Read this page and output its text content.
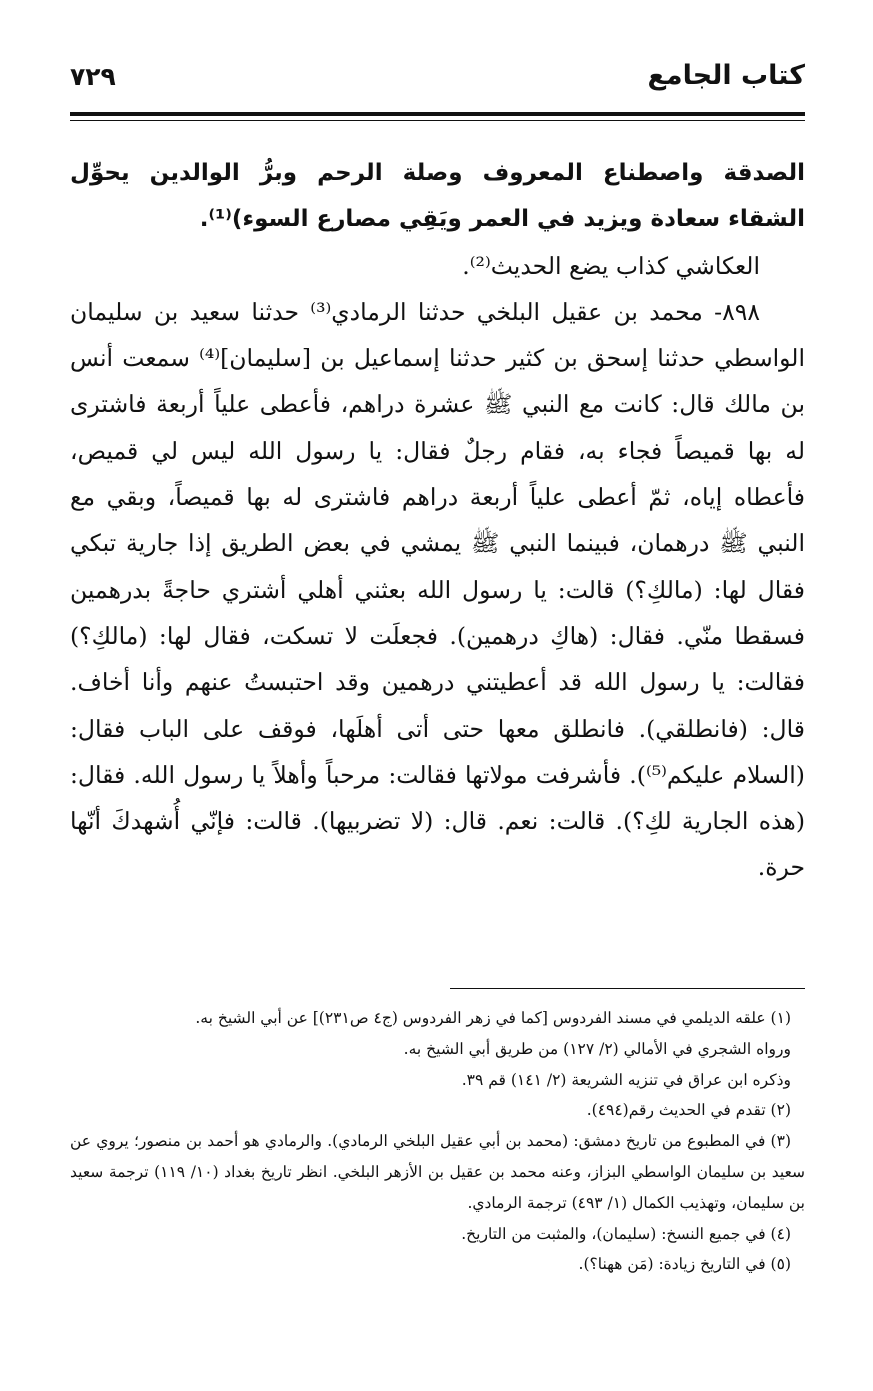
كتاب الجامع
٧٢٩

الصدقة واصطناع المعروف وصلة الرحم وبرُّ الوالدين يحوِّل الشقاء سعادة ويزيد في العمر ويَقِي مصارع السوء)⁽¹⁾.

العكاشي كذاب يضع الحديث⁽²⁾.

٨٩٨- محمد بن عقيل البلخي حدثنا الرمادي⁽³⁾ حدثنا سعيد بن سليمان الواسطي حدثنا إسحق بن كثير حدثنا إسماعيل بن [سليمان]⁽⁴⁾ سمعت أنس بن مالك قال: كانت مع النبي ﷺ عشرة دراهم، فأعطى علياً أربعة فاشترى له بها قميصاً فجاء به، فقام رجلٌ فقال: يا رسول الله ليس لي قميص، فأعطاه إياه، ثمّ أعطى علياً أربعة دراهم فاشترى له بها قميصاً، وبقي مع النبي ﷺ درهمان، فبينما النبي ﷺ يمشي في بعض الطريق إذا جارية تبكي فقال لها: (مالكِ؟) قالت: يا رسول الله بعثني أهلي أشتري حاجةً بدرهمين فسقطا منّي. فقال: (هاكِ درهمين). فجعلَت لا تسكت، فقال لها: (مالكِ؟) فقالت: يا رسول الله قد أعطيتني درهمين وقد احتبستُ عنهم وأنا أخاف. قال: (فانطلقي). فانطلق معها حتى أتى أهلَها، فوقف على الباب فقال: (السلام عليكم⁽⁵⁾). فأشرفت مولاتها فقالت: مرحباً وأهلاً يا رسول الله. فقال: (هذه الجارية لكِ؟). قالت: نعم. قال: (لا تضربيها). قالت: فإنّي أُشهدكَ أنّها حرة.

(١) علقه الديلمي في مسند الفردوس [كما في زهر الفردوس (ج٤ ص٢٣١)] عن أبي الشيخ به.

ورواه الشجري في الأمالي (٢/ ١٢٧) من طريق أبي الشيخ به.

وذكره ابن عراق في تنزيه الشريعة (٢/ ١٤١) قم ٣٩.

(٢) تقدم في الحديث رقم(٤٩٤).

(٣) في المطبوع من تاريخ دمشق: (محمد بن أبي عقيل البلخي الرمادي). والرمادي هو أحمد بن منصور؛ يروي عن سعيد بن سليمان الواسطي البزاز، وعنه محمد بن عقيل بن الأزهر البلخي. انظر تاريخ بغداد (١٠/ ١١٩) ترجمة سعيد بن سليمان، وتهذيب الكمال (١/ ٤٩٣) ترجمة الرمادي.

(٤) في جميع النسخ: (سليمان)، والمثبت من التاريخ.

(٥) في التاريخ زيادة: (مَن ههنا؟).
